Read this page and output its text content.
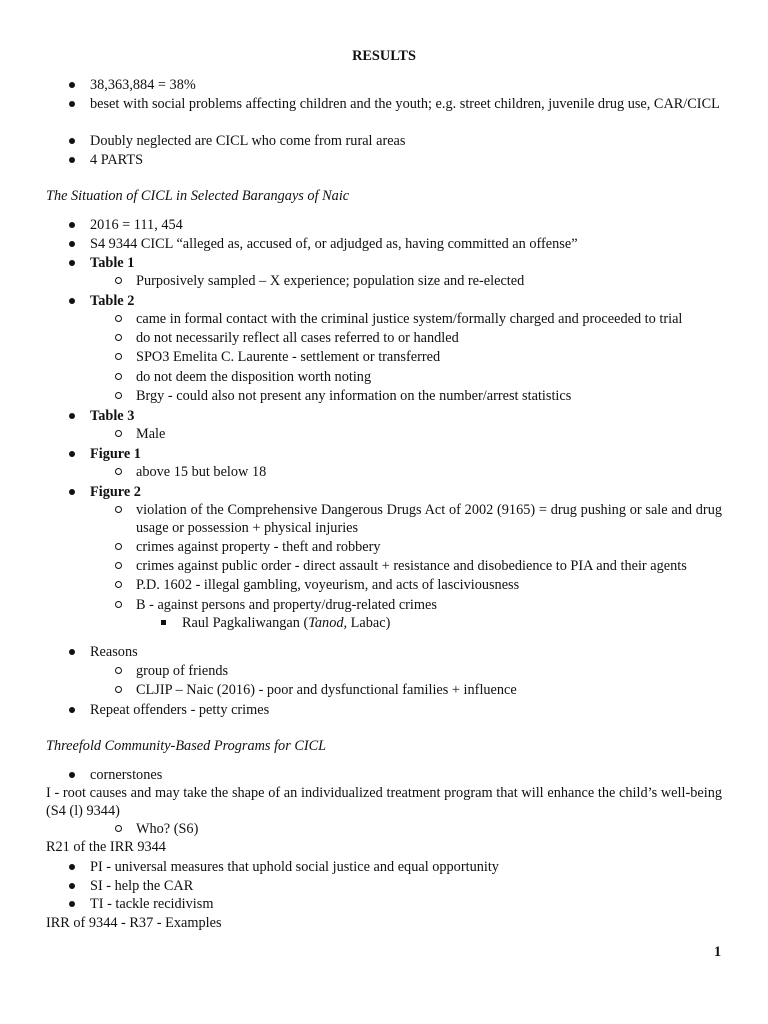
RESULTS
38,363,884 = 38%
beset with social problems affecting children and the youth; e.g. street children, juvenile drug use, CAR/CICL
Doubly neglected are CICL who come from rural areas
4 PARTS
The Situation of CICL in Selected Barangays of Naic
2016 = 111, 454
S4 9344 CICL “alleged as, accused of, or adjudged as, having committed an offense”
Table 1
Purposively sampled – X experience; population size and re-elected
Table 2
came in formal contact with the criminal justice system/formally charged and proceeded to trial
do not necessarily reflect all cases referred to or handled
SPO3 Emelita C. Laurente - settlement or transferred
do not deem the disposition worth noting
Brgy - could also not present any information on the number/arrest statistics
Table 3
Male
Figure 1
above 15 but below 18
Figure 2
violation of the Comprehensive Dangerous Drugs Act of 2002 (9165) = drug pushing or sale and drug usage or possession + physical injuries
crimes against property - theft and robbery
crimes against public order - direct assault + resistance and disobedience to PIA and their agents
P.D. 1602 - illegal gambling, voyeurism, and acts of lasciviousness
B - against persons and property/drug-related crimes
Raul Pagkaliwangan (Tanod, Labac)
Reasons
group of friends
CLJIP – Naic (2016) - poor and dysfunctional families + influence
Repeat offenders - petty crimes
Threefold Community-Based Programs for CICL
cornerstones
I - root causes and may take the shape of an individualized treatment program that will enhance the child’s well-being (S4 (l) 9344)
Who? (S6)
R21 of the IRR 9344
PI - universal measures that uphold social justice and equal opportunity
SI - help the CAR
TI - tackle recidivism
IRR of 9344 - R37 - Examples
1
